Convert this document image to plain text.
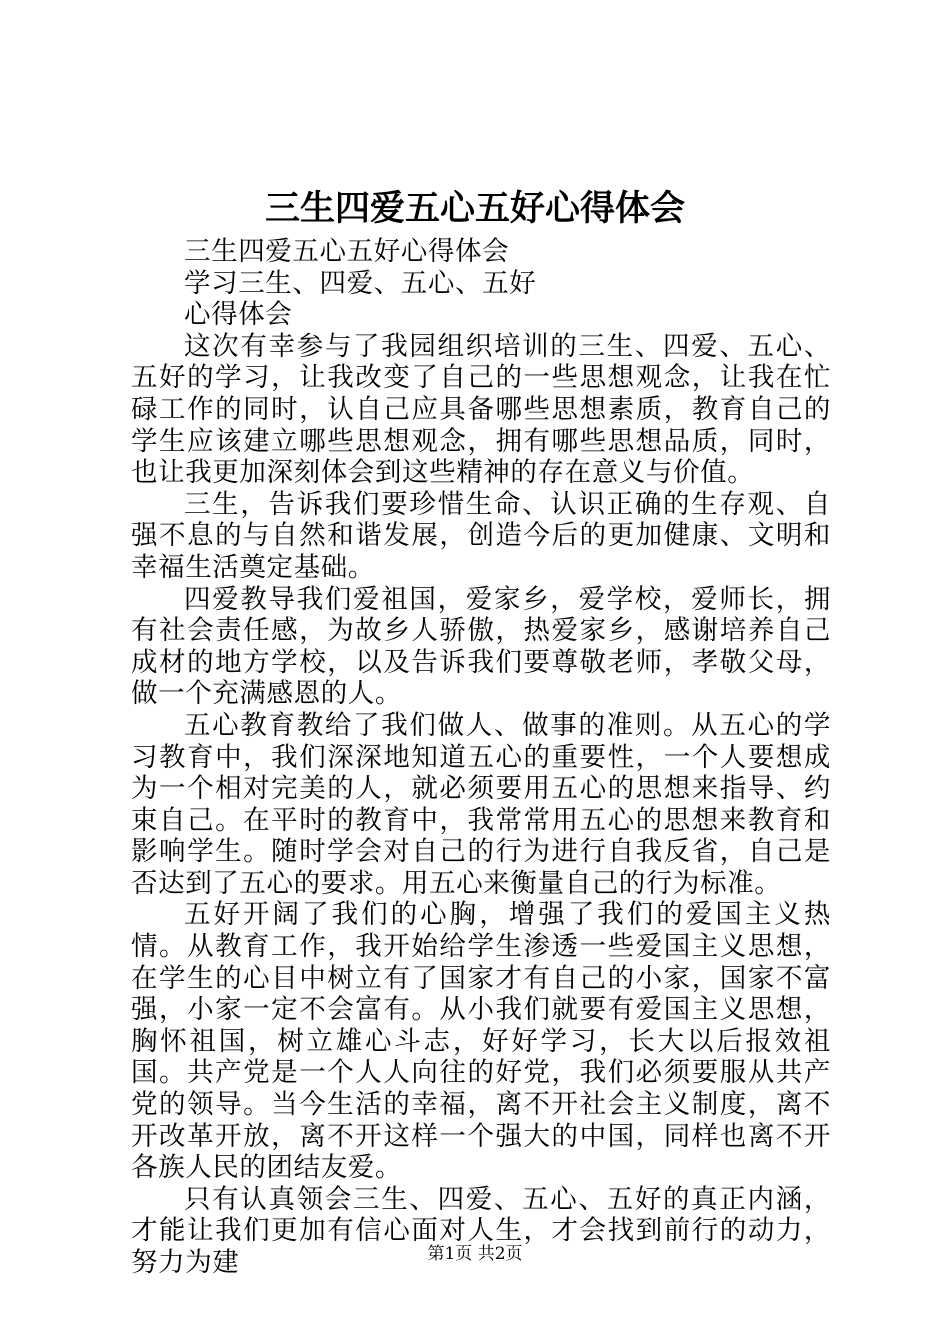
三生四爱五心五好心得体会

三生四爱五心五好心得体会

学习三生、四爱、五心、五好

心得体会

这次有幸参与了我园组织培训的三生、四爱、五心、五好的学习，让我改变了自己的一些思想观念，让我在忙碌工作的同时，认自己应具备哪些思想素质，教育自己的学生应该建立哪些思想观念，拥有哪些思想品质，同时，也让我更加深刻体会到这些精神的存在意义与价值。

三生，告诉我们要珍惜生命、认识正确的生存观、自强不息的与自然和谐发展，创造今后的更加健康、文明和幸福生活奠定基础。

四爱教导我们爱祖国，爱家乡，爱学校，爱师长，拥有社会责任感，为故乡人骄傲，热爱家乡，感谢培养自己成材的地方学校，以及告诉我们要尊敬老师，孝敬父母，做一个充满感恩的人。

五心教育教给了我们做人、做事的准则。从五心的学习教育中，我们深深地知道五心的重要性，一个人要想成为一个相对完美的人，就必须要用五心的思想来指导、约束自己。在平时的教育中，我常常用五心的思想来教育和影响学生。随时学会对自己的行为进行自我反省，自己是否达到了五心的要求。用五心来衡量自己的行为标准。

五好开阔了我们的心胸，增强了我们的爱国主义热情。从教育工作，我开始给学生渗透一些爱国主义思想，在学生的心目中树立有了国家才有自己的小家，国家不富强，小家一定不会富有。从小我们就要有爱国主义思想，胸怀祖国，树立雄心斗志，好好学习，长大以后报效祖国。共产党是一个人人向往的好党，我们必须要服从共产党的领导。当今生活的幸福，离不开社会主义制度，离不开改革开放，离不开这样一个强大的中国，同样也离不开各族人民的团结友爱。

只有认真领会三生、四爱、五心、五好的真正内涵，才能让我们更加有信心面对人生，才会找到前行的动力，努力为建	第1页 共2页
